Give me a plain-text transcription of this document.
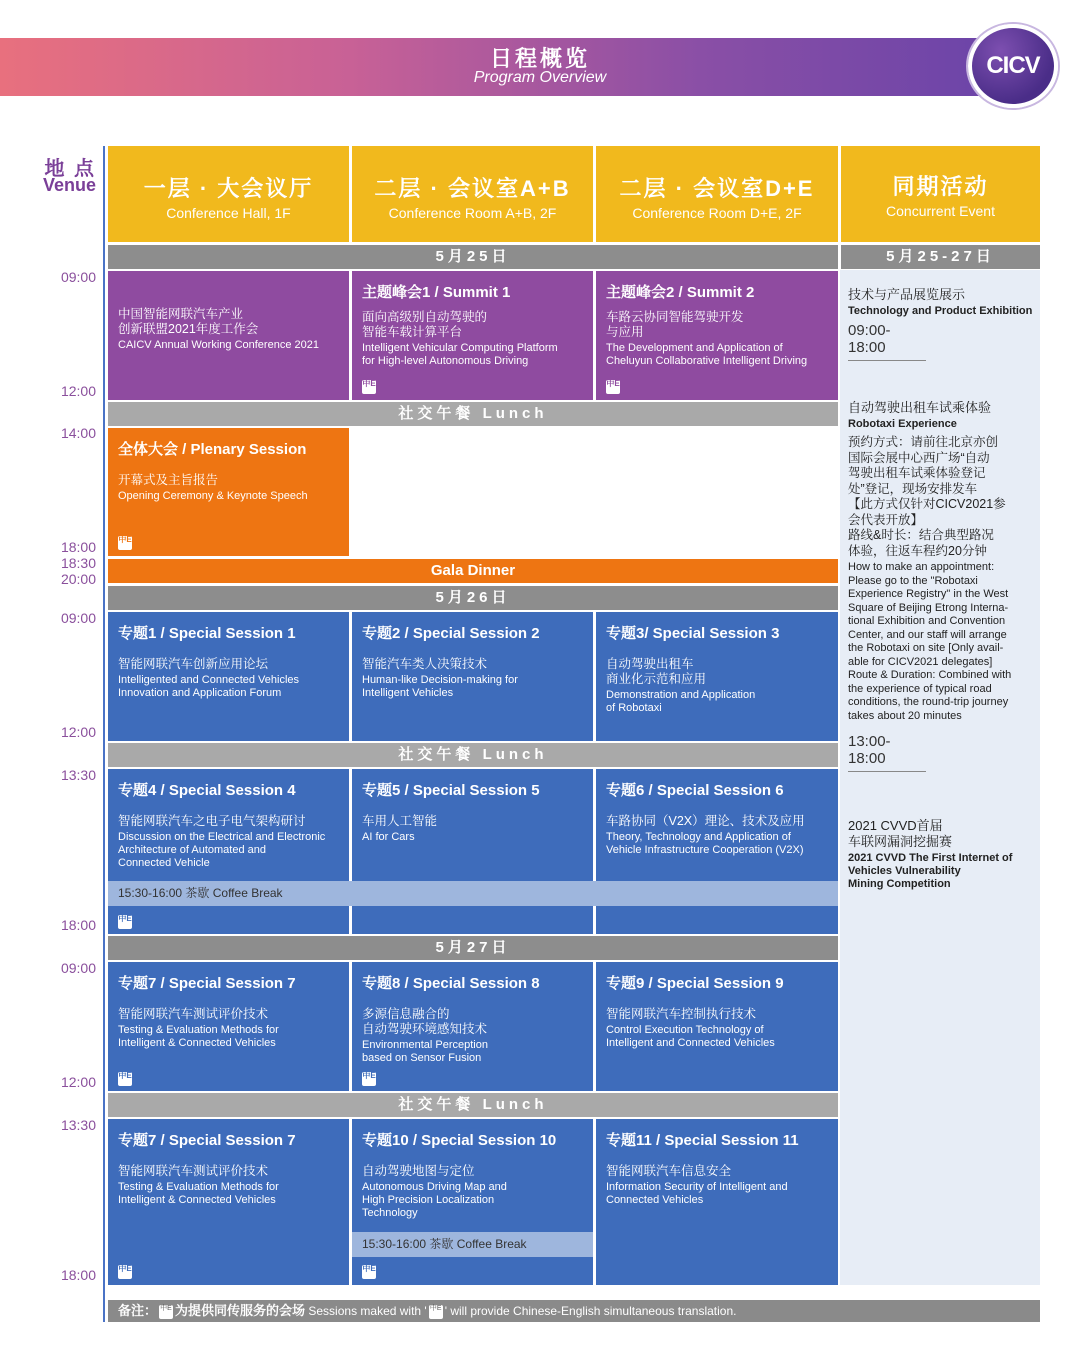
日程概览
Program Overview	CICV
地 点
Venue
09:00
12:00
14:00
18:00
18:30
20:00
09:00
12:00
13:30
18:00
09:00
12:00
13:30
18:00
一层 · 大会议厅
Conference Hall, 1F
二层 · 会议室A+B
Conference Room A+B, 2F
二层 · 会议室D+E
Conference Room D+E, 2F
同期活动
Concurrent Event
5月25日	5月25-27日
5月26日
5月27日
中国智能网联汽车产业
创新联盟2021年度工作会
CAICV Annual Working Conference 2021
主题峰会1 / Summit 1
面向高级别自动驾驶的
智能车载计算平台
Intelligent Vehicular Computing Platform
for High-level Autonomous Driving
中E
主题峰会2 / Summit 2
车路云协同智能驾驶开发
与应用
The Development and Application of
Cheluyun Collaborative Intelligent Driving
中E
社交午餐 Lunch
全体大会 / Plenary Session
开幕式及主旨报告
Opening Ceremony & Keynote Speech
中E
Gala Dinner
专题1 / Special Session 1
智能网联汽车创新应用论坛
Intelligented and Connected Vehicles
Innovation and Application Forum
专题2 / Special Session 2
智能汽车类人决策技术
Human-like Decision-making for
Intelligent Vehicles
专题3/ Special Session 3
自动驾驶出租车
商业化示范和应用
Demonstration and Application
of Robotaxi
社交午餐 Lunch
专题4 / Special Session 4
智能网联汽车之电子电气架构研讨
Discussion on the Electrical and Electronic
Architecture of Automated and
Connected Vehicle
中E
专题5 / Special Session 5
车用人工智能
AI for Cars
专题6 / Special Session 6
车路协同（V2X）理论、技术及应用
Theory, Technology and Application of
Vehicle Infrastructure Cooperation (V2X)
15:30-16:00 茶歇 Coffee Break
专题7 / Special Session 7
智能网联汽车测试评价技术
Testing & Evaluation Methods for
Intelligent & Connected Vehicles
中E
专题8 / Special Session 8
多源信息融合的
自动驾驶环境感知技术
Environmental Perception
based on Sensor Fusion
中E
专题9 / Special Session 9
智能网联汽车控制执行技术
Control Execution Technology of
Intelligent and Connected Vehicles
社交午餐 Lunch
专题7 / Special Session 7
智能网联汽车测试评价技术
Testing & Evaluation Methods for
Intelligent & Connected Vehicles
中E
专题10 / Special Session 10
自动驾驶地图与定位
Autonomous Driving Map and
High Precision Localization
Technology
中E
专题11 / Special Session 11
智能网联汽车信息安全
Information Security of Intelligent and
Connected Vehicles
15:30-16:00 茶歇 Coffee Break
技术与产品展览展示
Technology and Product Exhibition
09:00-18:00
自动驾驶出租车试乘体验
Robotaxi Experience
预约方式：请前往北京亦创
国际会展中心西广场“自动
驾驶出租车试乘体验登记
处”登记，现场安排发车
【此方式仅针对CICV2021参
会代表开放】
路线&时长：结合典型路况
体验，往返车程约20分钟
How to make an appointment:
Please go to the "Robotaxi
Experience Registry" in the West
Square of Beijing Etrong Interna-
tional Exhibition and Convention
Center, and our staff will arrange
the Robotaxi on site [Only avail-
able for CICV2021 delegates]
Route & Duration: Combined with
the experience of typical road
conditions, the round-trip journey
takes about 20 minutes
13:00-18:00
2021 CVVD首届
车联网漏洞挖掘赛
2021 CVVD The First Internet of
Vehicles Vulnerability
Mining Competition
备注： 中E 为提供同传服务的会场 Sessions maked with ' 中E ' will provide Chinese-English simultaneous translation.
